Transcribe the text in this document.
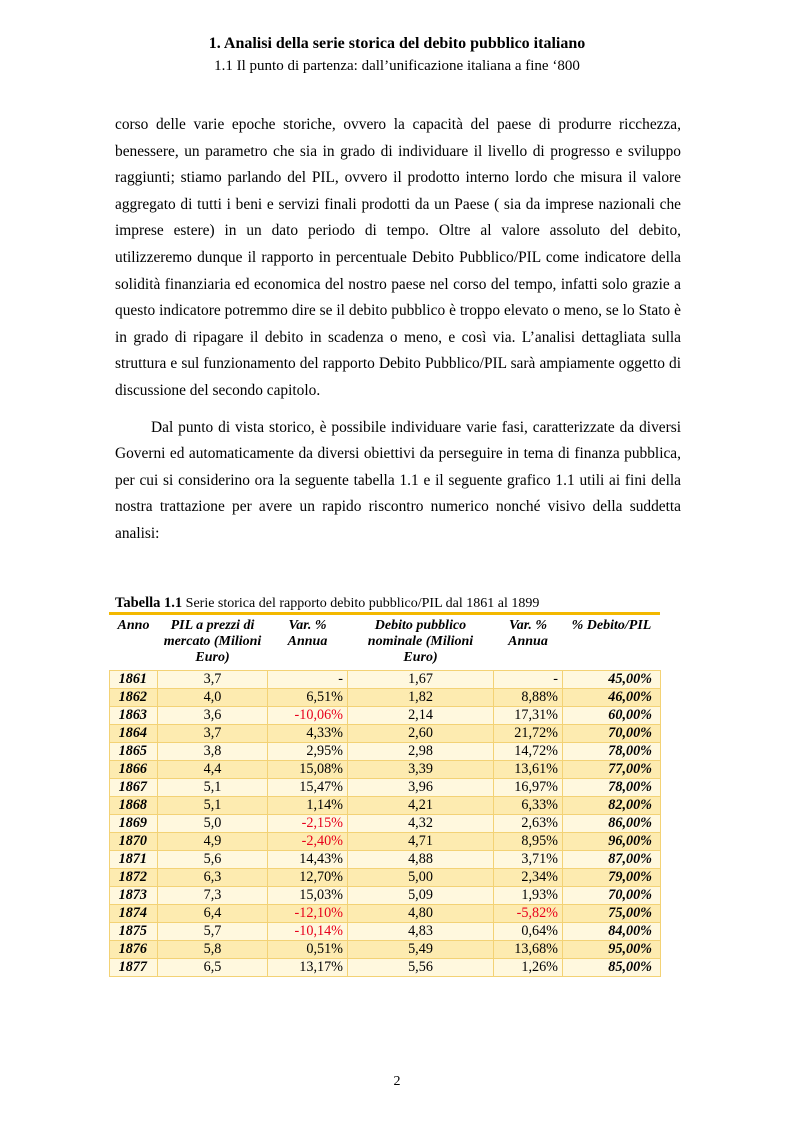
1. Analisi della serie storica del debito pubblico italiano
1.1 Il punto di partenza: dall’unificazione italiana a fine ‘800

corso delle varie epoche storiche, ovvero la capacità del paese di produrre ricchezza, benessere, un parametro che sia in grado di individuare il livello di progresso e sviluppo raggiunti; stiamo parlando del PIL, ovvero il prodotto interno lordo che misura il valore aggregato di tutti i beni e servizi finali prodotti da un Paese ( sia da imprese nazionali che imprese estere) in un dato periodo di tempo. Oltre al valore assoluto del debito, utilizzeremo dunque il rapporto in percentuale Debito Pubblico/PIL come indicatore della solidità finanziaria ed economica del nostro paese nel corso del tempo, infatti solo grazie a questo indicatore potremmo dire se il debito pubblico è troppo elevato o meno, se lo Stato è in grado di ripagare il debito in scadenza o meno, e così via. L’analisi dettagliata sulla struttura e sul funzionamento del rapporto Debito Pubblico/PIL sarà ampiamente oggetto di discussione del secondo capitolo.

Dal punto di vista storico, è possibile individuare varie fasi, caratterizzate da diversi Governi ed automaticamente da diversi obiettivi da perseguire in tema di finanza pubblica, per cui si considerino ora la seguente tabella 1.1 e il seguente grafico 1.1 utili ai fini della nostra trattazione per avere un rapido riscontro numerico nonché visivo della suddetta analisi:

Tabella 1.1 Serie storica del rapporto debito pubblico/PIL dal 1861 al 1899
Anno	PIL a prezzi di mercato (Milioni Euro)	Var. % Annua	Debito pubblico nominale (Milioni Euro)	Var. % Annua	% Debito/PIL
1861	3,7	-	1,67	-	45,00%
1862	4,0	6,51%	1,82	8,88%	46,00%
1863	3,6	-10,06%	2,14	17,31%	60,00%
1864	3,7	4,33%	2,60	21,72%	70,00%
1865	3,8	2,95%	2,98	14,72%	78,00%
1866	4,4	15,08%	3,39	13,61%	77,00%
1867	5,1	15,47%	3,96	16,97%	78,00%
1868	5,1	1,14%	4,21	6,33%	82,00%
1869	5,0	-2,15%	4,32	2,63%	86,00%
1870	4,9	-2,40%	4,71	8,95%	96,00%
1871	5,6	14,43%	4,88	3,71%	87,00%
1872	6,3	12,70%	5,00	2,34%	79,00%
1873	7,3	15,03%	5,09	1,93%	70,00%
1874	6,4	-12,10%	4,80	-5,82%	75,00%
1875	5,7	-10,14%	4,83	0,64%	84,00%
1876	5,8	0,51%	5,49	13,68%	95,00%
1877	6,5	13,17%	5,56	1,26%	85,00%
2
